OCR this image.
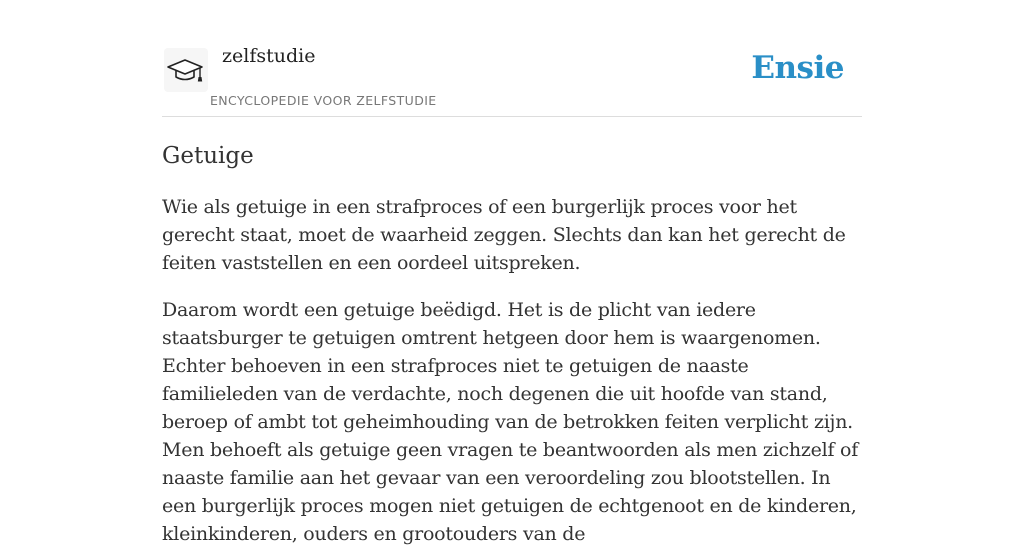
zelfstudie
ENCYCLOPEDIE VOOR ZELFSTUDIE
Ensie
Getuige

Wie als getuige in een strafproces of een burgerlijk proces voor het gerecht staat, moet de waarheid zeggen. Slechts dan kan het gerecht de feiten vaststellen en een oordeel uitspreken.

Daarom wordt een getuige beëdigd. Het is de plicht van iedere staatsburger te getuigen omtrent hetgeen door hem is waargenomen. Echter behoeven in een strafproces niet te getuigen de naaste familieleden van de verdachte, noch degenen die uit hoofde van stand, beroep of ambt tot geheimhouding van de betrokken feiten verplicht zijn. Men behoeft als getuige geen vragen te beantwoorden als men zichzelf of naaste familie aan het gevaar van een veroordeling zou blootstellen. In een burgerlijk proces mogen niet getuigen de echtgenoot en de kinderen, kleinkinderen, ouders en grootouders van de
